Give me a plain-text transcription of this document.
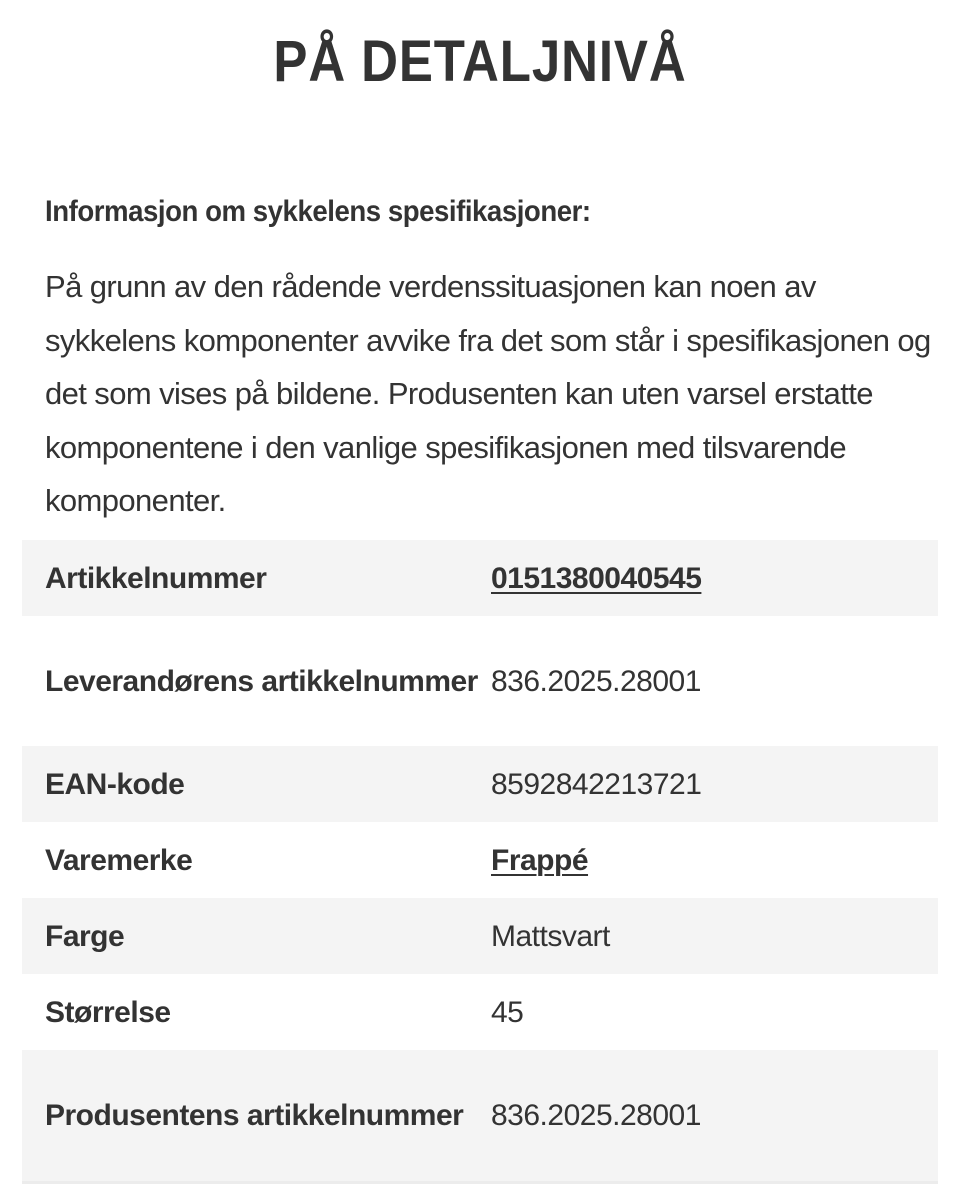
PÅ DETALJNIVÅ
Informasjon om sykkelens spesifikasjoner:

På grunn av den rådende verdenssituasjonen kan noen av sykkelens komponenter avvike fra det som står i spesifikasjonen og det som vises på bildene. Produsenten kan uten varsel erstatte komponentene i den vanlige spesifikasjonen med tilsvarende komponenter.

Artikkelnummer	0151380040545
Leverandørens artikkelnummer	836.2025.28001
EAN-kode	8592842213721
Varemerke	Frappé
Farge	Mattsvart
Størrelse	45
Produsentens artikkelnummer	836.2025.28001
